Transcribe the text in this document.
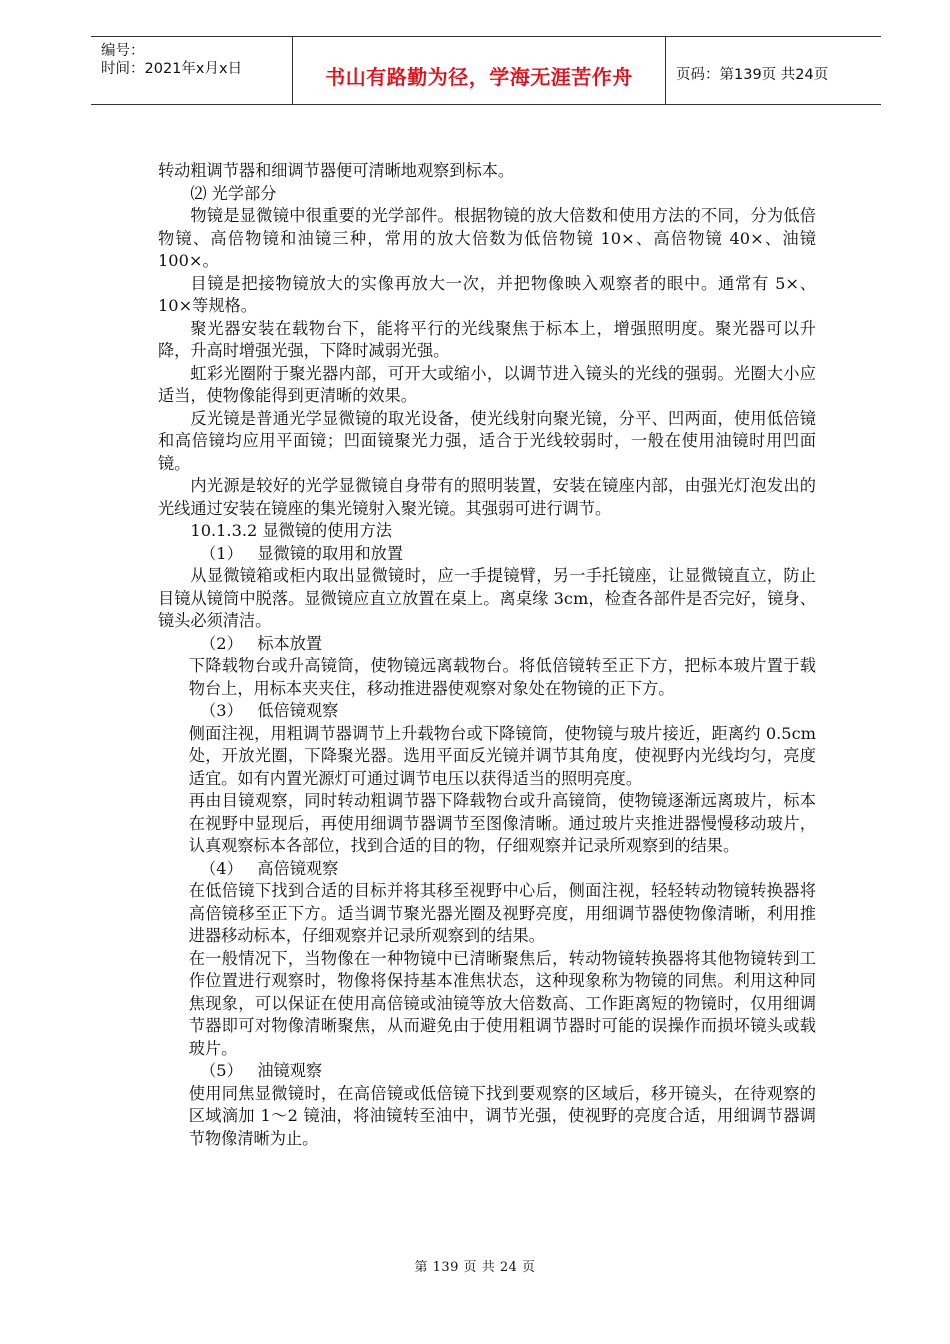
编号：
时间：2021年x月x日	书山有路勤为径，学海无涯苦作舟	页码：第139页 共24页

转动粗调节器和细调节器便可清晰地观察到标本。

⑵ 光学部分

物镜是显微镜中很重要的光学部件。根据物镜的放大倍数和使用方法的不同，分为低倍物镜、高倍物镜和油镜三种，常用的放大倍数为低倍物镜 10×、高倍物镜 40×、油镜 100×。

目镜是把接物镜放大的实像再放大一次，并把物像映入观察者的眼中。通常有 5×、10×等规格。

聚光器安装在载物台下，能将平行的光线聚焦于标本上，增强照明度。聚光器可以升降，升高时增强光强，下降时减弱光强。

虹彩光圈附于聚光器内部，可开大或缩小，以调节进入镜头的光线的强弱。光圈大小应适当，使物像能得到更清晰的效果。

反光镜是普通光学显微镜的取光设备，使光线射向聚光镜，分平、凹两面，使用低倍镜和高倍镜均应用平面镜；凹面镜聚光力强，适合于光线较弱时，一般在使用油镜时用凹面镜。

内光源是较好的光学显微镜自身带有的照明装置，安装在镜座内部，由强光灯泡发出的光线通过安装在镜座的集光镜射入聚光镜。其强弱可进行调节。

10.1.3.2 显微镜的使用方法

（1） 显微镜的取用和放置

从显微镜箱或柜内取出显微镜时，应一手提镜臂，另一手托镜座，让显微镜直立，防止目镜从镜筒中脱落。显微镜应直立放置在桌上。离桌缘 3cm，检查各部件是否完好，镜身、镜头必须清洁。

（2） 标本放置

下降载物台或升高镜筒，使物镜远离载物台。将低倍镜转至正下方，把标本玻片置于载物台上，用标本夹夹住，移动推进器使观察对象处在物镜的正下方。

（3） 低倍镜观察

侧面注视，用粗调节器调节上升载物台或下降镜筒，使物镜与玻片接近，距离约 0.5cm 处，开放光圈，下降聚光器。选用平面反光镜并调节其角度，使视野内光线均匀，亮度适宜。如有内置光源灯可通过调节电压以获得适当的照明亮度。

再由目镜观察，同时转动粗调节器下降载物台或升高镜筒，使物镜逐渐远离玻片，标本在视野中显现后，再使用细调节器调节至图像清晰。通过玻片夹推进器慢慢移动玻片，认真观察标本各部位，找到合适的目的物，仔细观察并记录所观察到的结果。

（4） 高倍镜观察

在低倍镜下找到合适的目标并将其移至视野中心后，侧面注视，轻轻转动物镜转换器将高倍镜移至正下方。适当调节聚光器光圈及视野亮度，用细调节器使物像清晰，利用推进器移动标本，仔细观察并记录所观察到的结果。

在一般情况下，当物像在一种物镜中已清晰聚焦后，转动物镜转换器将其他物镜转到工作位置进行观察时，物像将保持基本准焦状态，这种现象称为物镜的同焦。利用这种同焦现象，可以保证在使用高倍镜或油镜等放大倍数高、工作距离短的物镜时，仅用细调节器即可对物像清晰聚焦，从而避免由于使用粗调节器时可能的误操作而损坏镜头或载玻片。

（5） 油镜观察

使用同焦显微镜时，在高倍镜或低倍镜下找到要观察的区域后，移开镜头，在待观察的区域滴加 1～2 镜油，将油镜转至油中，调节光强，使视野的亮度合适，用细调节器调节物像清晰为止。

第 139 页 共 24 页
